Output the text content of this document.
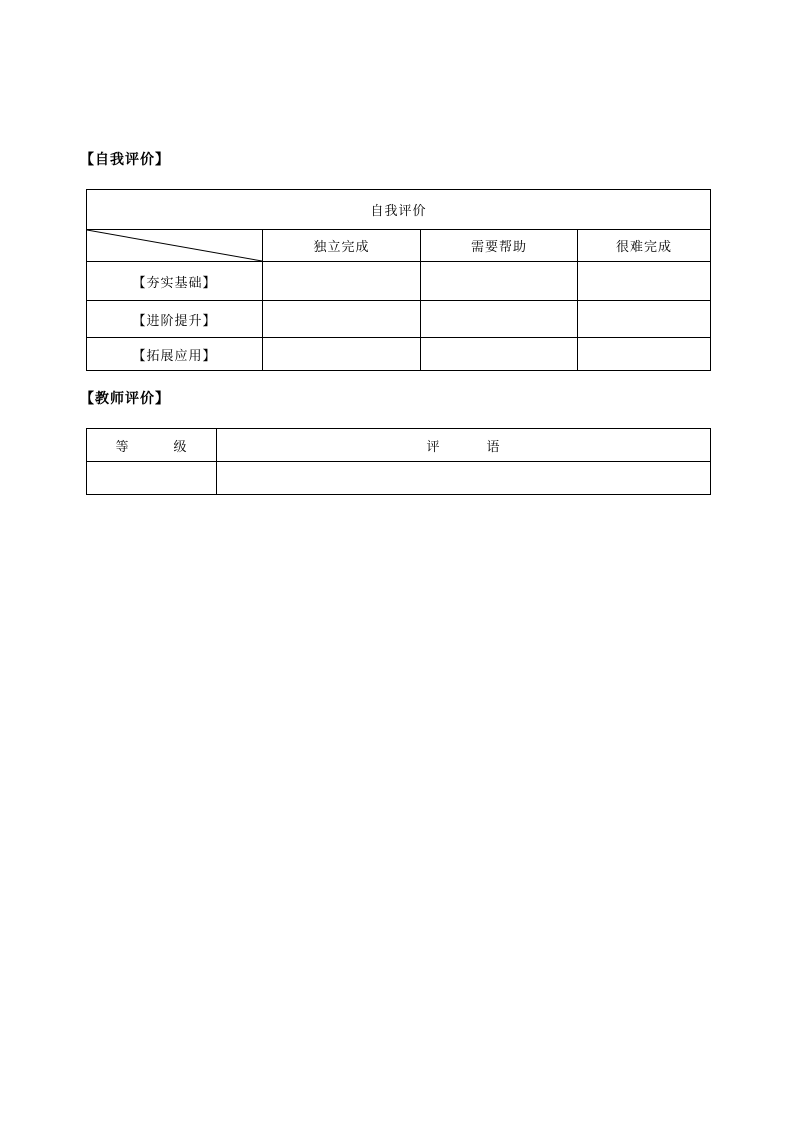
【自我评价】
自我评价			

	独立完成	需要帮助	很难完成
【夯实基础】			
【进阶提升】			
【拓展应用】			
【教师评价】
等 级	评 语
